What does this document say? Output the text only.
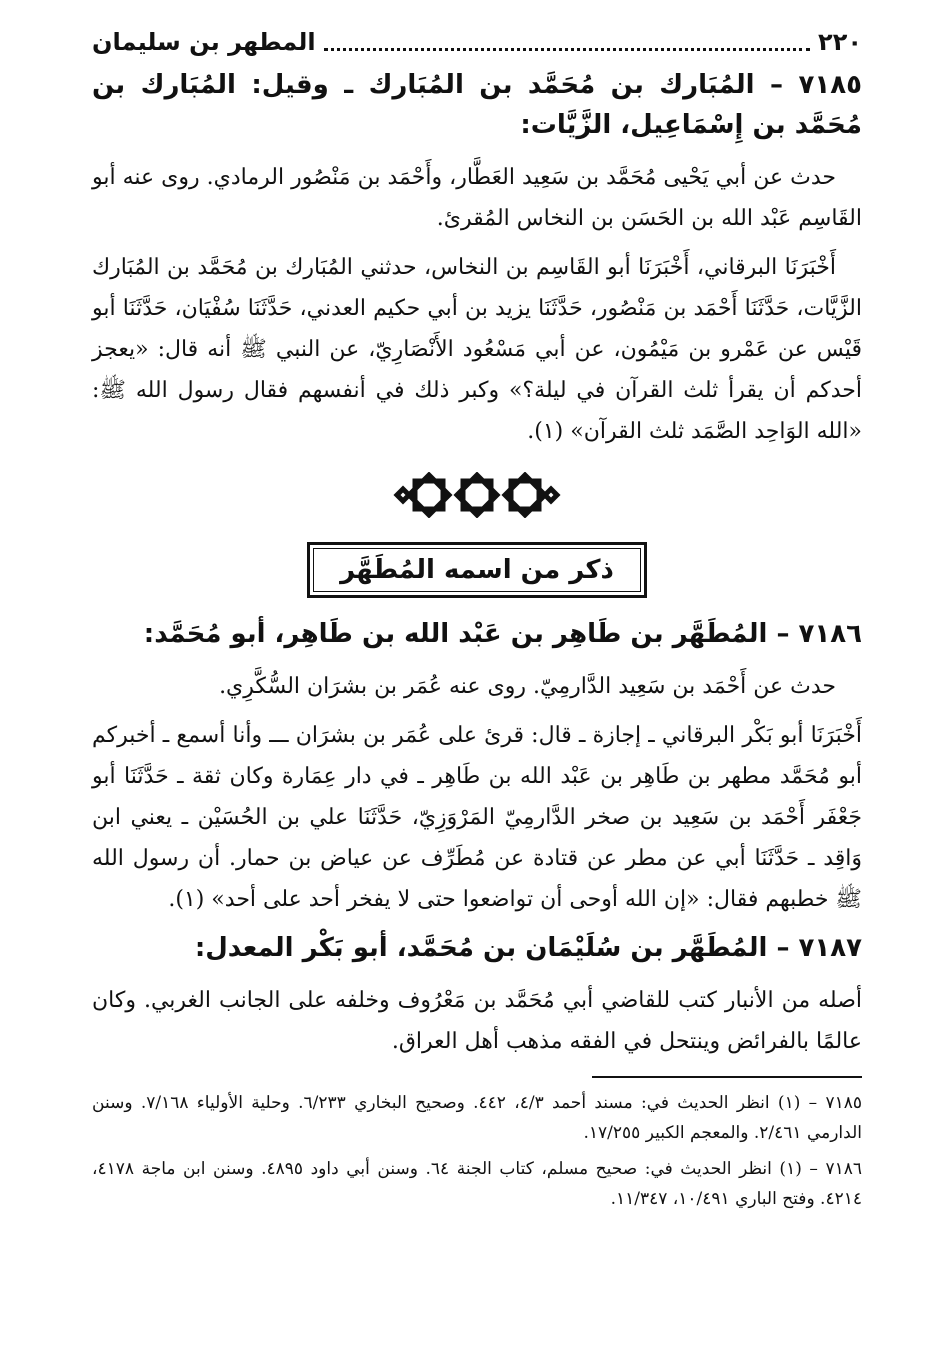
٢٢٠
المطهر بن سليمان
٧١٨٥ – المُبَارك بن مُحَمَّد بن المُبَارك ـ وقيل: المُبَارك بن مُحَمَّد بن إِسْمَاعِيل، الزَّيَّات:

حدث عن أبي يَحْيى مُحَمَّد بن سَعِيد العَطَّار، وأَحْمَد بن مَنْصُور الرمادي. روى عنه أبو القَاسِم عَبْد الله بن الحَسَن بن النخاس المُقرئ.

أَخْبَرَنَا البرقاني، أَخْبَرَنَا أبو القَاسِم بن النخاس، حدثني المُبَارك بن مُحَمَّد بن المُبَارك الزَّيَّات، حَدَّثَنَا أَحْمَد بن مَنْصُور، حَدَّثَنَا يزيد بن أبي حكيم العدني، حَدَّثَنَا سُفْيَان، حَدَّثَنَا أبو قَيْس عن عَمْرو بن مَيْمُون، عن أبي مَسْعُود الأَنْصَارِيّ، عن النبي ﷺ أنه قال: «يعجز أحدكم أن يقرأ ثلث القرآن في ليلة؟» وكبر ذلك في أنفسهم فقال رسول الله ﷺ: «الله الوَاحِد الصَّمَد ثلث القرآن» (١).

ذكر من اسمه المُطَهَّر
٧١٨٦ – المُطَهَّر بن طَاهِر بن عَبْد الله بن طَاهِر، أبو مُحَمَّد:

حدث عن أَحْمَد بن سَعِيد الدَّارمِيّ. روى عنه عُمَر بن بشرَان السُّكَّرِي.

أَخْبَرَنَا أبو بَكْر البرقاني ـ إجازة ـ قال: قرئ على عُمَر بن بشرَان ـــ وأنا أسمع ـ أخبركم أبو مُحَمَّد مطهر بن طَاهِر بن عَبْد الله بن طَاهِر ـ في دار عِمَارة وكان ثقة ـ حَدَّثَنَا أبو جَعْفَر أَحْمَد بن سَعِيد بن صخر الدَّارمِيّ المَرْوَزِيّ، حَدَّثَنَا علي بن الحُسَيْن ـ يعني ابن وَاقِد ـ حَدَّثَنَا أبي عن مطر عن قتادة عن مُطَرِّف عن عياض بن حمار. أن رسول الله ﷺ خطبهم فقال: «إن الله أوحى أن تواضعوا حتى لا يفخر أحد على أحد» (١).

٧١٨٧ – المُطَهَّر بن سُلَيْمَان بن مُحَمَّد، أبو بَكْر المعدل:

أصله من الأنبار كتب للقاضي أبي مُحَمَّد بن مَعْرُوف وخلفه على الجانب الغربي. وكان عالمًا بالفرائض وينتحل في الفقه مذهب أهل العراق.

٧١٨٥ – (١) انظر الحديث في: مسند أحمد ٤/٣، ٤٤٢. وصحيح البخاري ٦/٢٣٣. وحلية الأولياء ٧/١٦٨. وسنن الدارمي ٢/٤٦١. والمعجم الكبير ١٧/٢٥٥.

٧١٨٦ – (١) انظر الحديث في: صحيح مسلم، كتاب الجنة ٦٤. وسنن أبي داود ٤٨٩٥. وسنن ابن ماجة ٤١٧٨، ٤٢١٤. وفتح الباري ١٠/٤٩١، ١١/٣٤٧.
